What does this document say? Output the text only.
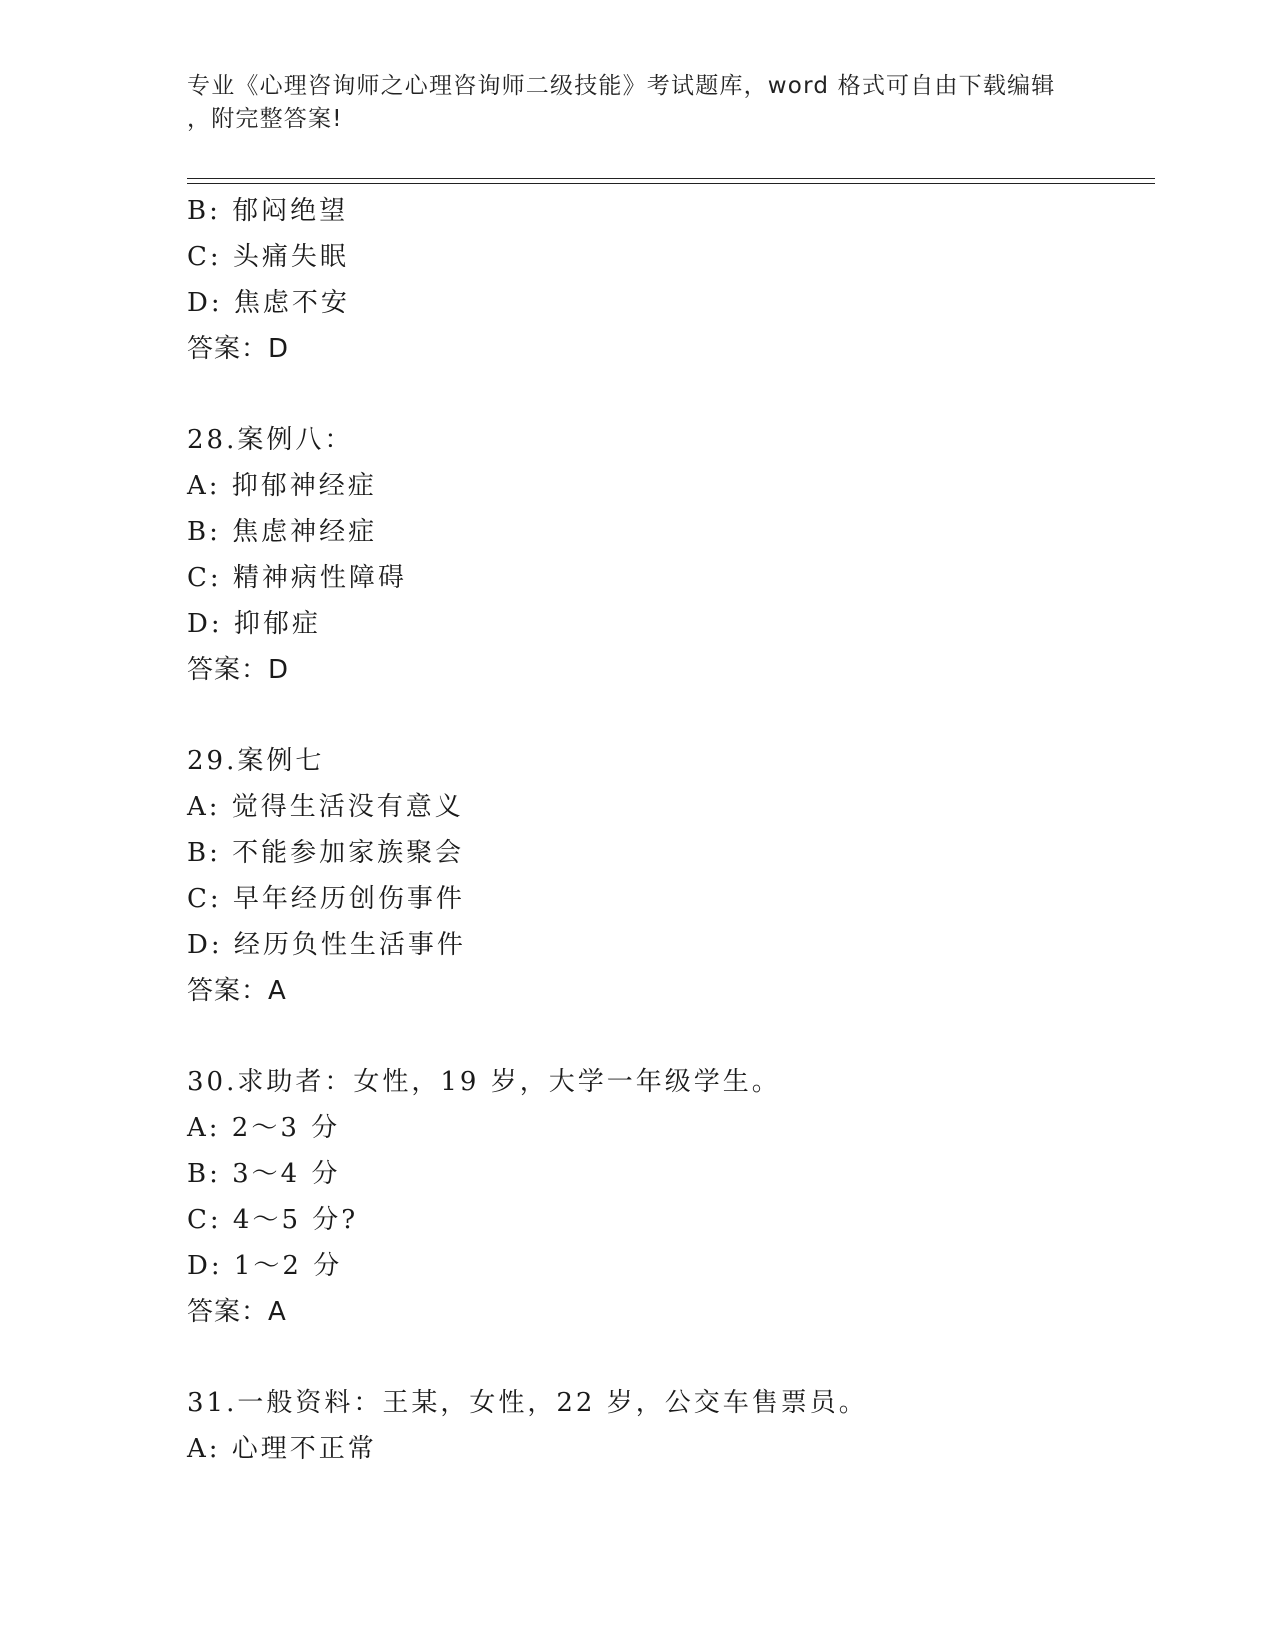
专业《心理咨询师之心理咨询师二级技能》考试题库，word 格式可自由下载编辑
，附完整答案!
B: 郁闷绝望
C: 头痛失眠
D: 焦虑不安
答案：D
28.案例八：
A: 抑郁神经症
B: 焦虑神经症
C: 精神病性障碍
D: 抑郁症
答案：D
29.案例七
A: 觉得生活没有意义
B: 不能参加家族聚会
C: 早年经历创伤事件
D: 经历负性生活事件
答案：A
30.求助者：女性，19 岁，大学一年级学生。
A: 2～3 分
B: 3～4 分
C: 4～5 分?
D: 1～2 分
答案：A
31.一般资料：王某，女性，22 岁，公交车售票员。
A: 心理不正常
